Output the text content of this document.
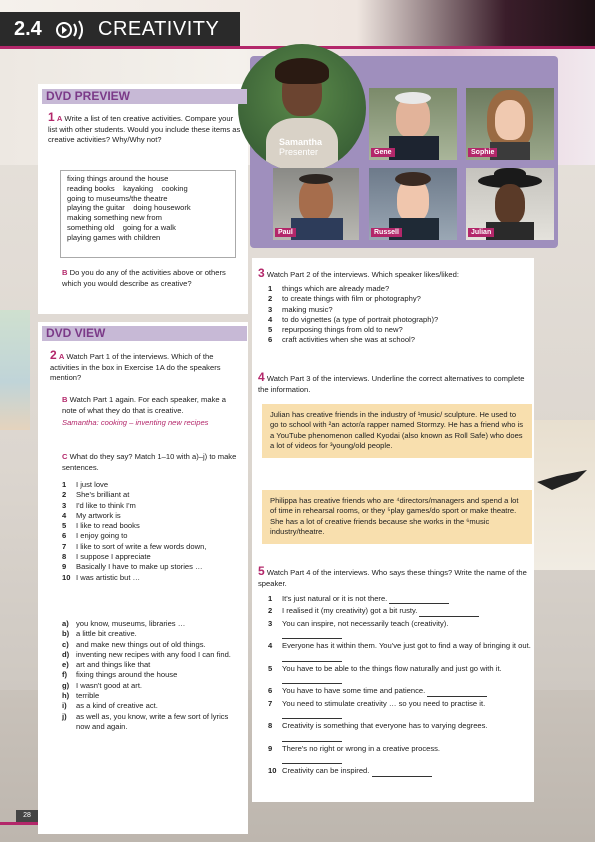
2.4	CREATIVITY
Samantha
Presenter	Gene	Sophie
Paul	Russell	Julian
DVD PREVIEW
1 A Write a list of ten creative activities. Compare your list with other students. Would you include these items as creative activities? Why/Why not?
fixing things around the house
reading books    kayaking    cooking
going to museums/the theatre
playing the guitar    doing housework
making something new from
something old    going for a walk
playing games with children
B Do you do any of the activities above or others which you would describe as creative?
DVD VIEW
2 A Watch Part 1 of the interviews. Which of the activities in the box in Exercise 1A do the speakers mention?
B Watch Part 1 again. For each speaker, make a note of what they do that is creative.
Samantha: cooking – inventing new recipes
C What do they say? Match 1–10 with a)–j) to make sentences.
1	I just love
2	She's brilliant at
3	I'd like to think I'm
4	My artwork is
5	I like to read books
6	I enjoy going to
7	I like to sort of write a few words down,
8	I suppose I appreciate
9	Basically I have to make up stories …
10 I was artistic but …
a) you know, museums, libraries …
b) a little bit creative.
c) and make new things out of old things.
d) inventing new recipes with any food I can find.
e) art and things like that
f)	fixing things around the house
g) I wasn't good at art.
h) terrible
i)	as a kind of creative act.
j)	as well as, you know, write a few sort of lyrics now and again.
3 Watch Part 2 of the interviews. Which speaker likes/liked:
1	things which are already made?
2	to create things with film or photography?
3	making music?
4	to do vignettes (a type of portrait photograph)?
5	repurposing things from old to new?
6	craft activities when she was at school?
4 Watch Part 3 of the interviews. Underline the correct alternatives to complete the information.
Julian has creative friends in the industry of ¹music/ sculpture. He used to go to school with ²an actor/a rapper named Stormzy. He has a friend who is a YouTube phenomenon called Kyodai (also known as Roll Safe) who does a lot of videos for ³young/old people.
Philippa has creative friends who are ⁴directors/managers and spend a lot of time in rehearsal rooms, or they ⁵play games/do sport or make theatre. She has a lot of creative friends because she works in the ⁶music industry/theatre.
5 Watch Part 4 of the interviews. Who says these things? Write the name of the speaker.
1	It's just natural or it is not there.
2	I realised it (my creativity) got a bit rusty.
3	You can inspire, not necessarily teach (creativity).

4	Everyone has it within them. You've just got to find a way of bringing it out.
5	You have to be able to the things flow naturally and just go with it.
6	You have to have some time and patience.
7	You need to stimulate creativity … so you need to practise it.
8	Creativity is something that everyone has to varying degrees.
9	There's no right or wrong in a creative process.

10 Creativity can be inspired.
28
